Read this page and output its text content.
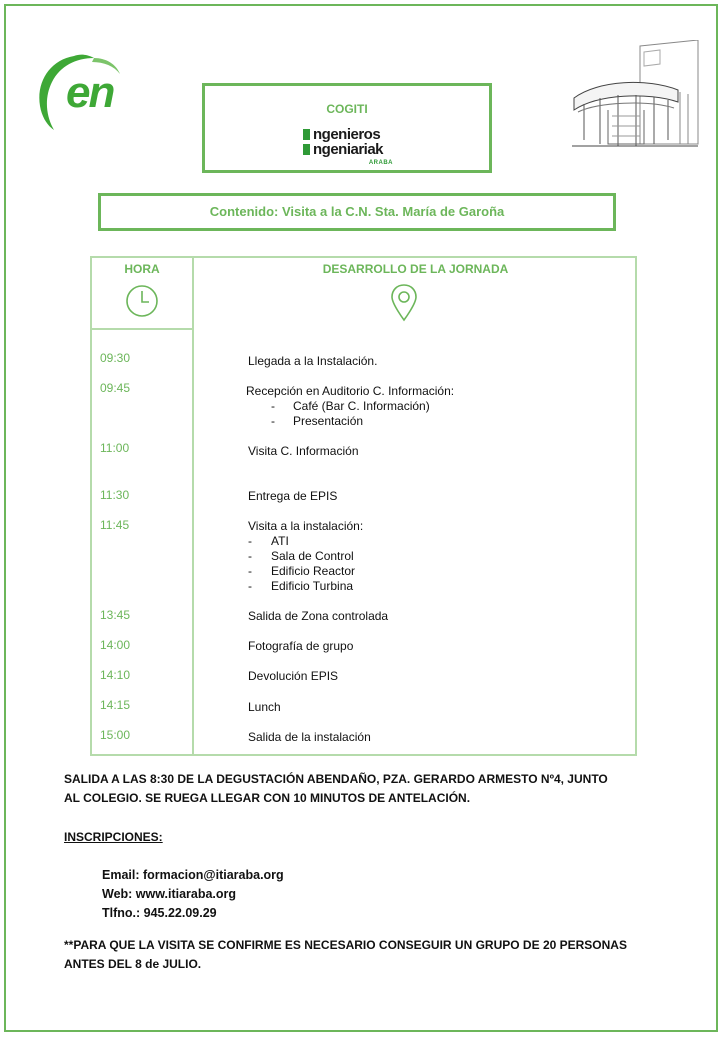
en	COGITI
ngenieros
ngeniariak
ARABA
Contenido: Visita a la C.N. Sta. María de Garoña
HORA	DESARROLLO DE LA JORNADA
09:30	Llegada a la Instalación.
09:45	Recepción en Auditorio C. Información:
- Café (Bar C. Información)
- Presentación
11:00	Visita C. Información
11:30	Entrega de EPIS
11:45	Visita a la instalación:
- ATI
- Sala de Control
- Edificio Reactor
- Edificio Turbina
13:45	Salida de Zona controlada
14:00	Fotografía de grupo
14:10	Devolución EPIS
14:15	Lunch
15:00	Salida de la instalación
SALIDA A LAS 8:30 DE LA DEGUSTACIÓN ABENDAÑO, PZA. GERARDO ARMESTO Nº4, JUNTO
AL COLEGIO. SE RUEGA LLEGAR CON 10 MINUTOS DE ANTELACIÓN.
INSCRIPCIONES:
Email: formacion@itiaraba.org
Web: www.itiaraba.org
Tlfno.: 945.22.09.29
**PARA QUE LA VISITA SE CONFIRME ES NECESARIO CONSEGUIR UN GRUPO DE 20 PERSONAS
ANTES DEL 8 de JULIO.
